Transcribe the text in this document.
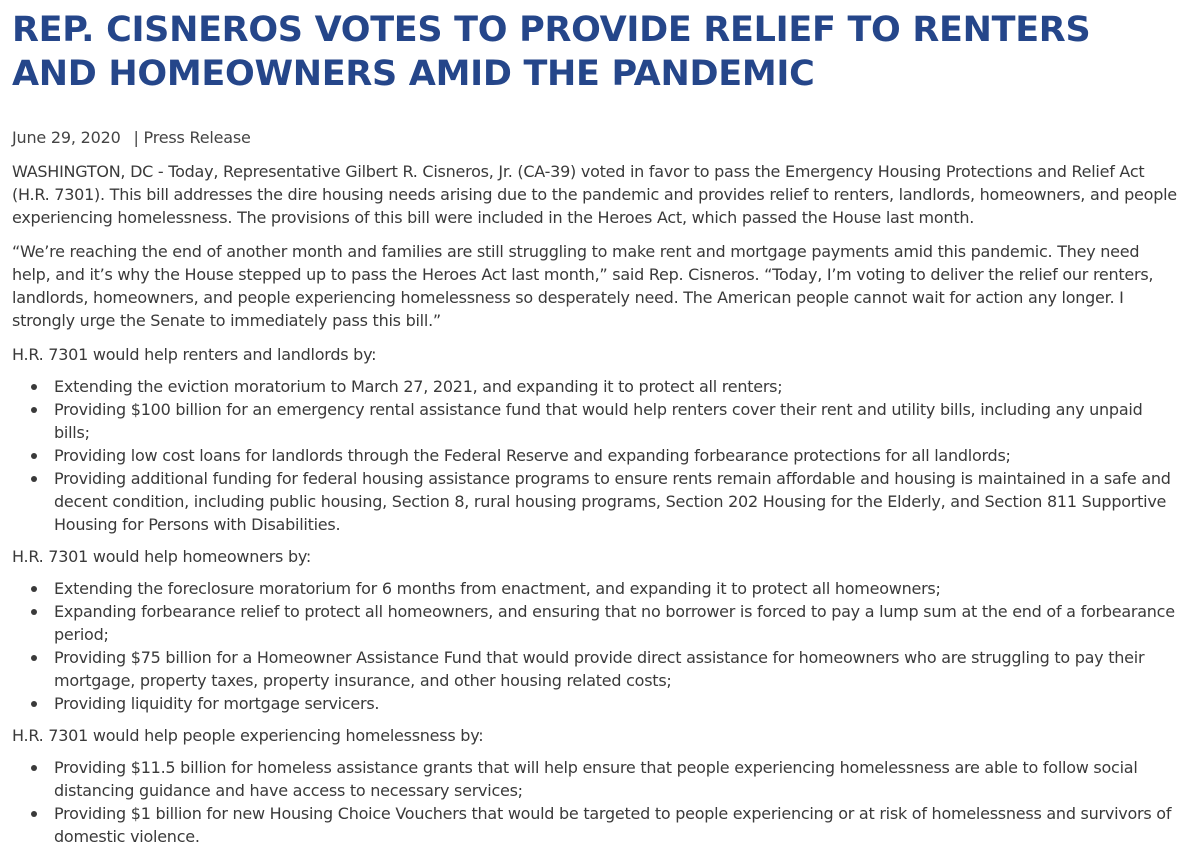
REP. CISNEROS VOTES TO PROVIDE RELIEF TO RENTERS AND HOMEOWNERS AMID THE PANDEMIC
June 29, 2020 | Press Release

WASHINGTON, DC - Today, Representative Gilbert R. Cisneros, Jr. (CA-39) voted in favor to pass the Emergency Housing Protections and Relief Act (H.R. 7301). This bill addresses the dire housing needs arising due to the pandemic and provides relief to renters, landlords, homeowners, and people experiencing homelessness. The provisions of this bill were included in the Heroes Act, which passed the House last month.

“We’re reaching the end of another month and families are still struggling to make rent and mortgage payments amid this pandemic. They need help, and it’s why the House stepped up to pass the Heroes Act last month,” said Rep. Cisneros. “Today, I’m voting to deliver the relief our renters, landlords, homeowners, and people experiencing homelessness so desperately need. The American people cannot wait for action any longer. I strongly urge the Senate to immediately pass this bill.”

H.R. 7301 would help renters and landlords by:

Extending the eviction moratorium to March 27, 2021, and expanding it to protect all renters;
Providing $100 billion for an emergency rental assistance fund that would help renters cover their rent and utility bills, including any unpaid bills;
Providing low cost loans for landlords through the Federal Reserve and expanding forbearance protections for all landlords;
Providing additional funding for federal housing assistance programs to ensure rents remain affordable and housing is maintained in a safe and decent condition, including public housing, Section 8, rural housing programs, Section 202 Housing for the Elderly, and Section 811 Supportive Housing for Persons with Disabilities.

H.R. 7301 would help homeowners by:

Extending the foreclosure moratorium for 6 months from enactment, and expanding it to protect all homeowners;
Expanding forbearance relief to protect all homeowners, and ensuring that no borrower is forced to pay a lump sum at the end of a forbearance period;
Providing $75 billion for a Homeowner Assistance Fund that would provide direct assistance for homeowners who are struggling to pay their mortgage, property taxes, property insurance, and other housing related costs;
Providing liquidity for mortgage servicers.

H.R. 7301 would help people experiencing homelessness by:

Providing $11.5 billion for homeless assistance grants that will help ensure that people experiencing homelessness are able to follow social distancing guidance and have access to necessary services;
Providing $1 billion for new Housing Choice Vouchers that would be targeted to people experiencing or at risk of homelessness and survivors of domestic violence.
